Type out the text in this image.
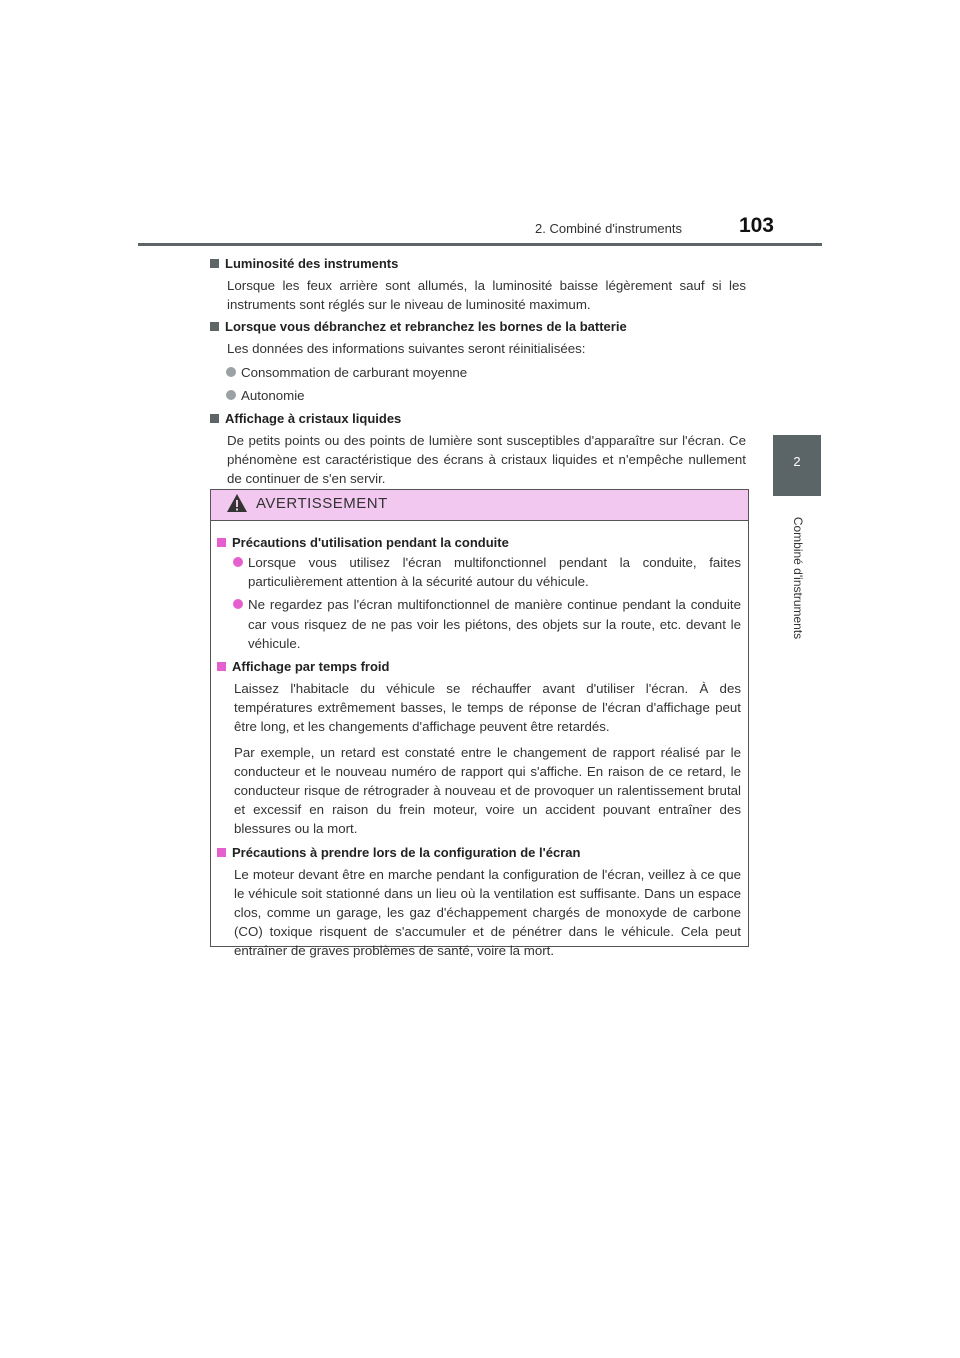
2. Combiné d'instruments	103
2
Combiné d'instruments
Luminosité des instruments
Lorsque les feux arrière sont allumés, la luminosité baisse légèrement sauf si les instruments sont réglés sur le niveau de luminosité maximum.
Lorsque vous débranchez et rebranchez les bornes de la batterie
Les données des informations suivantes seront réinitialisées:
Consommation de carburant moyenne
Autonomie
Affichage à cristaux liquides
De petits points ou des points de lumière sont susceptibles d'apparaître sur l'écran. Ce phénomène est caractéristique des écrans à cristaux liquides et n'empêche nullement de continuer de s'en servir.
AVERTISSEMENT
Précautions d'utilisation pendant la conduite
Lorsque vous utilisez l'écran multifonctionnel pendant la conduite, faites particulièrement attention à la sécurité autour du véhicule.
Ne regardez pas l'écran multifonctionnel de manière continue pendant la conduite car vous risquez de ne pas voir les piétons, des objets sur la route, etc. devant le véhicule.
Affichage par temps froid
Laissez l'habitacle du véhicule se réchauffer avant d'utiliser l'écran. À des températures extrêmement basses, le temps de réponse de l'écran d'affichage peut être long, et les changements d'affichage peuvent être retardés.
Par exemple, un retard est constaté entre le changement de rapport réalisé par le conducteur et le nouveau numéro de rapport qui s'affiche. En raison de ce retard, le conducteur risque de rétrograder à nouveau et de provoquer un ralentissement brutal et excessif en raison du frein moteur, voire un accident pouvant entraîner des blessures ou la mort.
Précautions à prendre lors de la configuration de l'écran
Le moteur devant être en marche pendant la configuration de l'écran, veillez à ce que le véhicule soit stationné dans un lieu où la ventilation est suffisante. Dans un espace clos, comme un garage, les gaz d'échappement chargés de monoxyde de carbone (CO) toxique risquent de s'accumuler et de pénétrer dans le véhicule. Cela peut entraîner de graves problèmes de santé, voire la mort.
